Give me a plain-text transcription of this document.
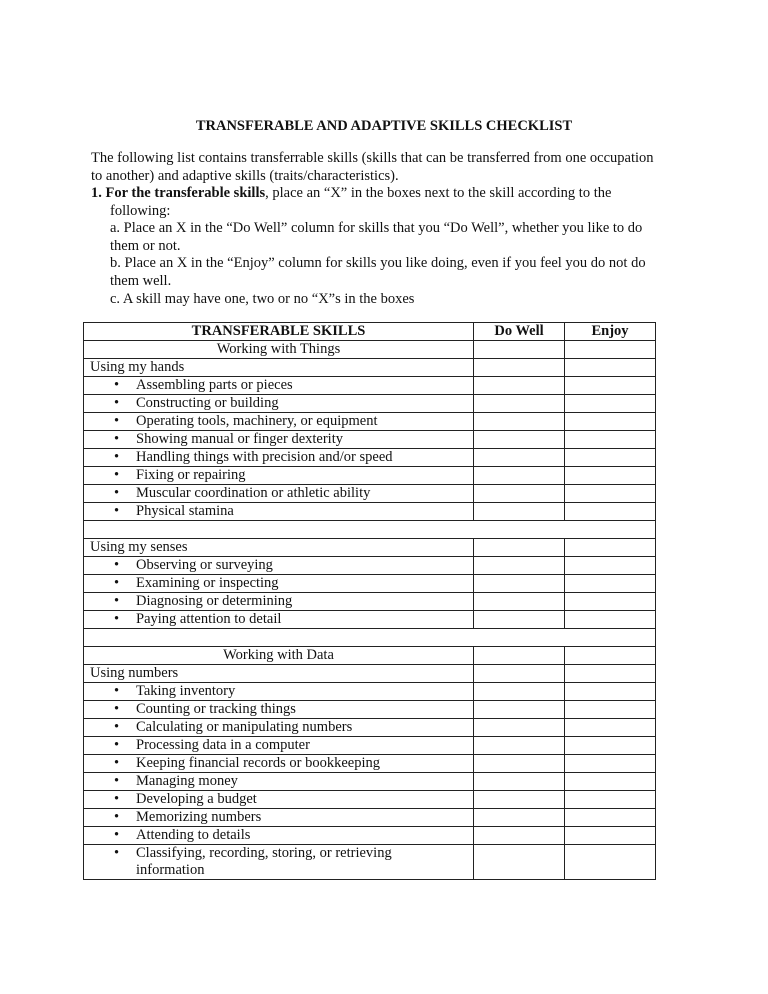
TRANSFERABLE AND ADAPTIVE SKILLS CHECKLIST

The following list contains transferrable skills (skills that can be transferred from one occupation

to another) and adaptive skills (traits/characteristics).

1. For the transferable skills, place an “X” in the boxes next to the skill according to the
following:
a. Place an X in the “Do Well” column for skills that you “Do Well”, whether you like to do
them or not.
b. Place an X in the “Enjoy” column for skills you like doing, even if you feel you do not do
them well.
c. A skill may have one, two or no “X”s in the boxes
TRANSFERABLE SKILLS	Do Well	Enjoy
Working with Things		
Using my hands		
• Assembling parts or pieces		
• Constructing or building		
• Operating tools, machinery, or equipment		
• Showing manual or finger dexterity		
• Handling things with precision and/or speed		
• Fixing or repairing		
• Muscular coordination or athletic ability		
• Physical stamina		

Using my senses		
• Observing or surveying		
• Examining or inspecting		
• Diagnosing or determining		
• Paying attention to detail		

Working with Data		
Using numbers		
• Taking inventory		
• Counting or tracking things		
• Calculating or manipulating numbers		
• Processing data in a computer		
• Keeping financial records or bookkeeping		
• Managing money		
• Developing a budget		
• Memorizing numbers		
• Attending to details		

• Classifying, recording, storing, or retrieving
information		
